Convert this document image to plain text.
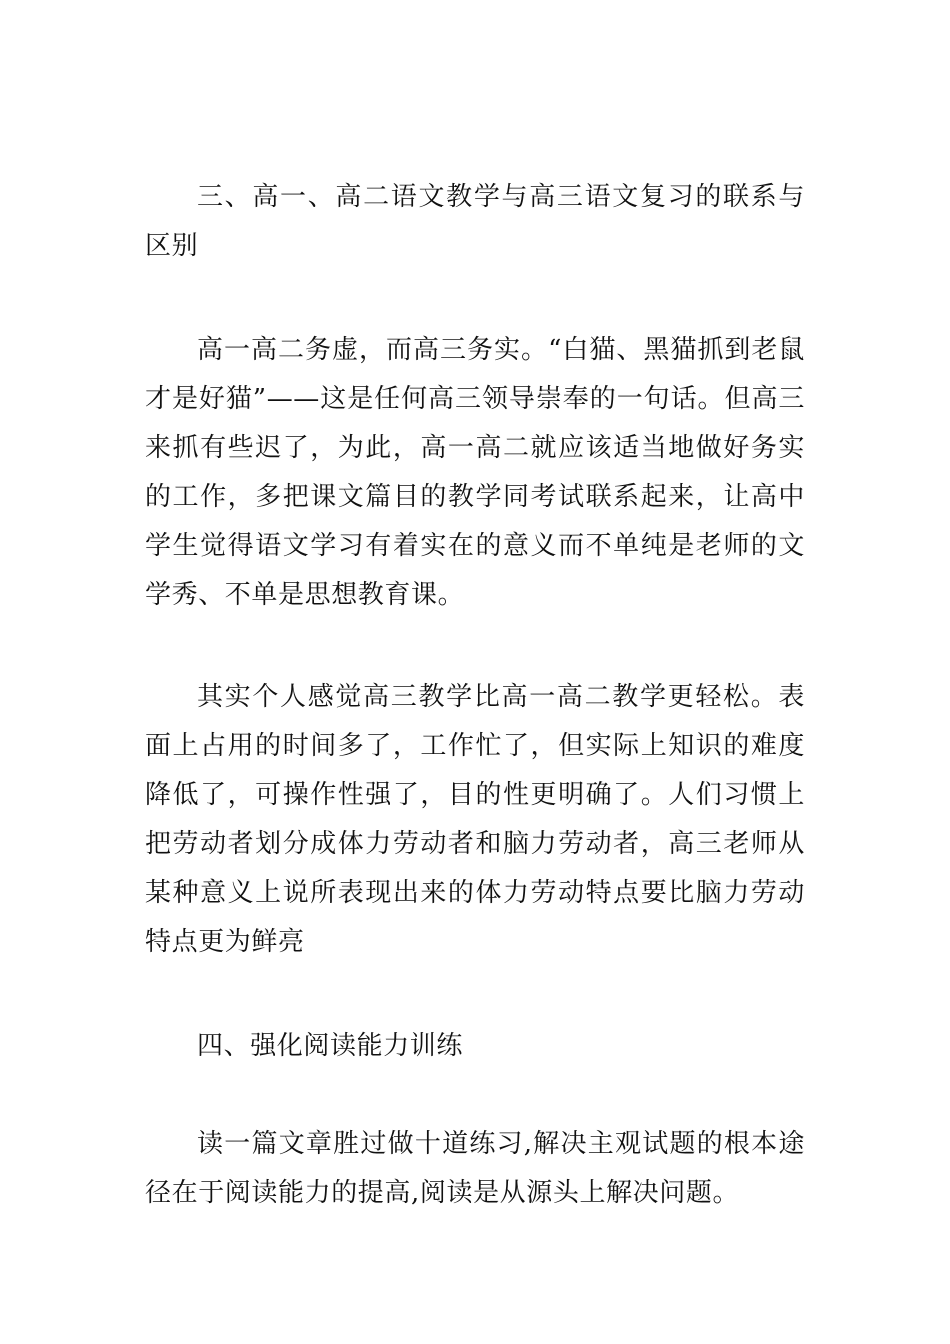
三、高一、高二语文教学与高三语文复习的联系与区别

高一高二务虚，而高三务实。“白猫、黑猫抓到老鼠才是好猫”——这是任何高三领导崇奉的一句话。但高三来抓有些迟了，为此，高一高二就应该适当地做好务实的工作，多把课文篇目的教学同考试联系起来，让高中学生觉得语文学习有着实在的意义而不单纯是老师的文学秀、不单是思想教育课。

其实个人感觉高三教学比高一高二教学更轻松。表面上占用的时间多了，工作忙了，但实际上知识的难度降低了，可操作性强了，目的性更明确了。人们习惯上把劳动者划分成体力劳动者和脑力劳动者，高三老师从某种意义上说所表现出来的体力劳动特点要比脑力劳动特点更为鲜亮

四、强化阅读能力训练

读一篇文章胜过做十道练习,解决主观试题的根本途径在于阅读能力的提高,阅读是从源头上解决问题。
